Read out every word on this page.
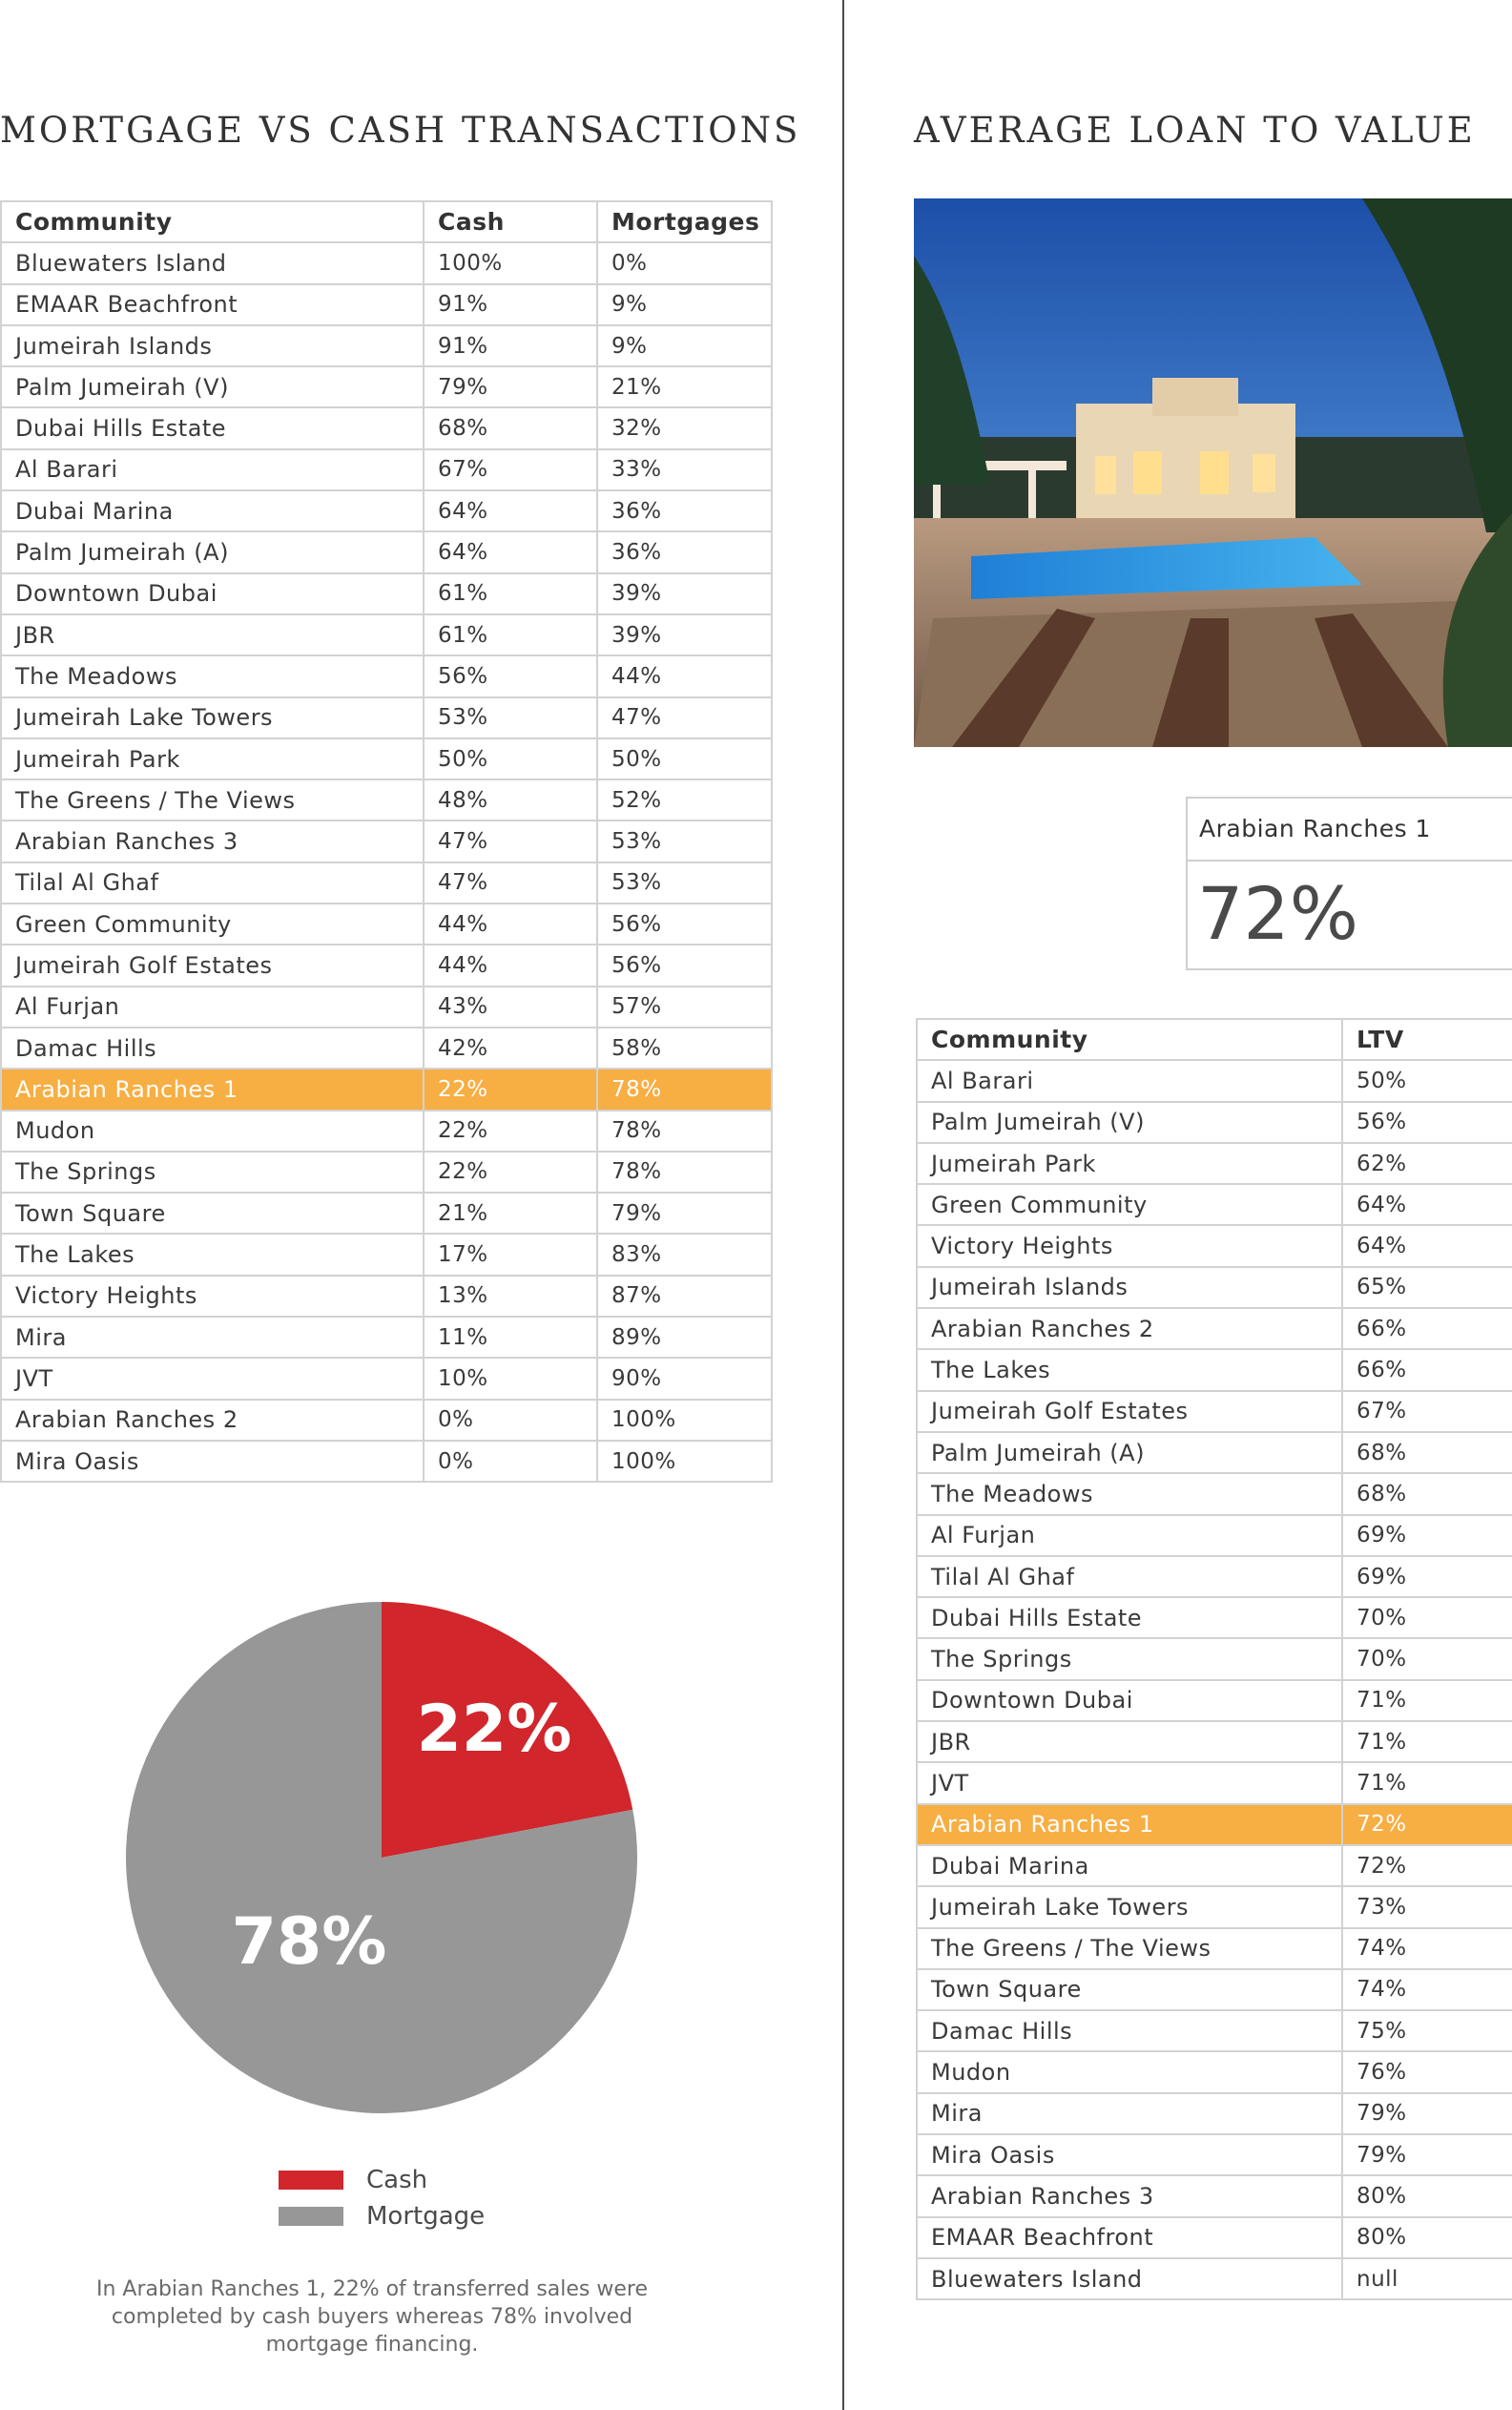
MORTGAGE VS CASH TRANSACTIONS
Community	Cash	Mortgages
Bluewaters Island	100%	0%
EMAAR Beachfront	91%	9%
Jumeirah Islands	91%	9%
Palm Jumeirah (V)	79%	21%
Dubai Hills Estate	68%	32%
Al Barari	67%	33%
Dubai Marina	64%	36%
Palm Jumeirah (A)	64%	36%
Downtown Dubai	61%	39%
JBR	61%	39%
The Meadows	56%	44%
Jumeirah Lake Towers	53%	47%
Jumeirah Park	50%	50%
The Greens / The Views	48%	52%
Arabian Ranches 3	47%	53%
Tilal Al Ghaf	47%	53%
Green Community	44%	56%
Jumeirah Golf Estates	44%	56%
Al Furjan	43%	57%
Damac Hills	42%	58%
Arabian Ranches 1	22%	78%
Mudon	22%	78%
The Springs	22%	78%
Town Square	21%	79%
The Lakes	17%	83%
Victory Heights	13%	87%
Mira	11%	89%
JVT	10%	90%
Arabian Ranches 2	0%	100%
Mira Oasis	0%	100%
22%
78%
Cash
Mortgage
In Arabian Ranches 1, 22% of transferred sales were completed by cash buyers whereas 78% involved mortgage financing.
AVERAGE LOAN TO VALUE
Arabian Ranches 1
72%
Community	LTV
Al Barari	50%
Palm Jumeirah (V)	56%
Jumeirah Park	62%
Green Community	64%
Victory Heights	64%
Jumeirah Islands	65%
Arabian Ranches 2	66%
The Lakes	66%
Jumeirah Golf Estates	67%
Palm Jumeirah (A)	68%
The Meadows	68%
Al Furjan	69%
Tilal Al Ghaf	69%
Dubai Hills Estate	70%
The Springs	70%
Downtown Dubai	71%
JBR	71%
JVT	71%
Arabian Ranches 1	72%
Dubai Marina	72%
Jumeirah Lake Towers	73%
The Greens / The Views	74%
Town Square	74%
Damac Hills	75%
Mudon	76%
Mira	79%
Mira Oasis	79%
Arabian Ranches 3	80%
EMAAR Beachfront	80%
Bluewaters Island	null
